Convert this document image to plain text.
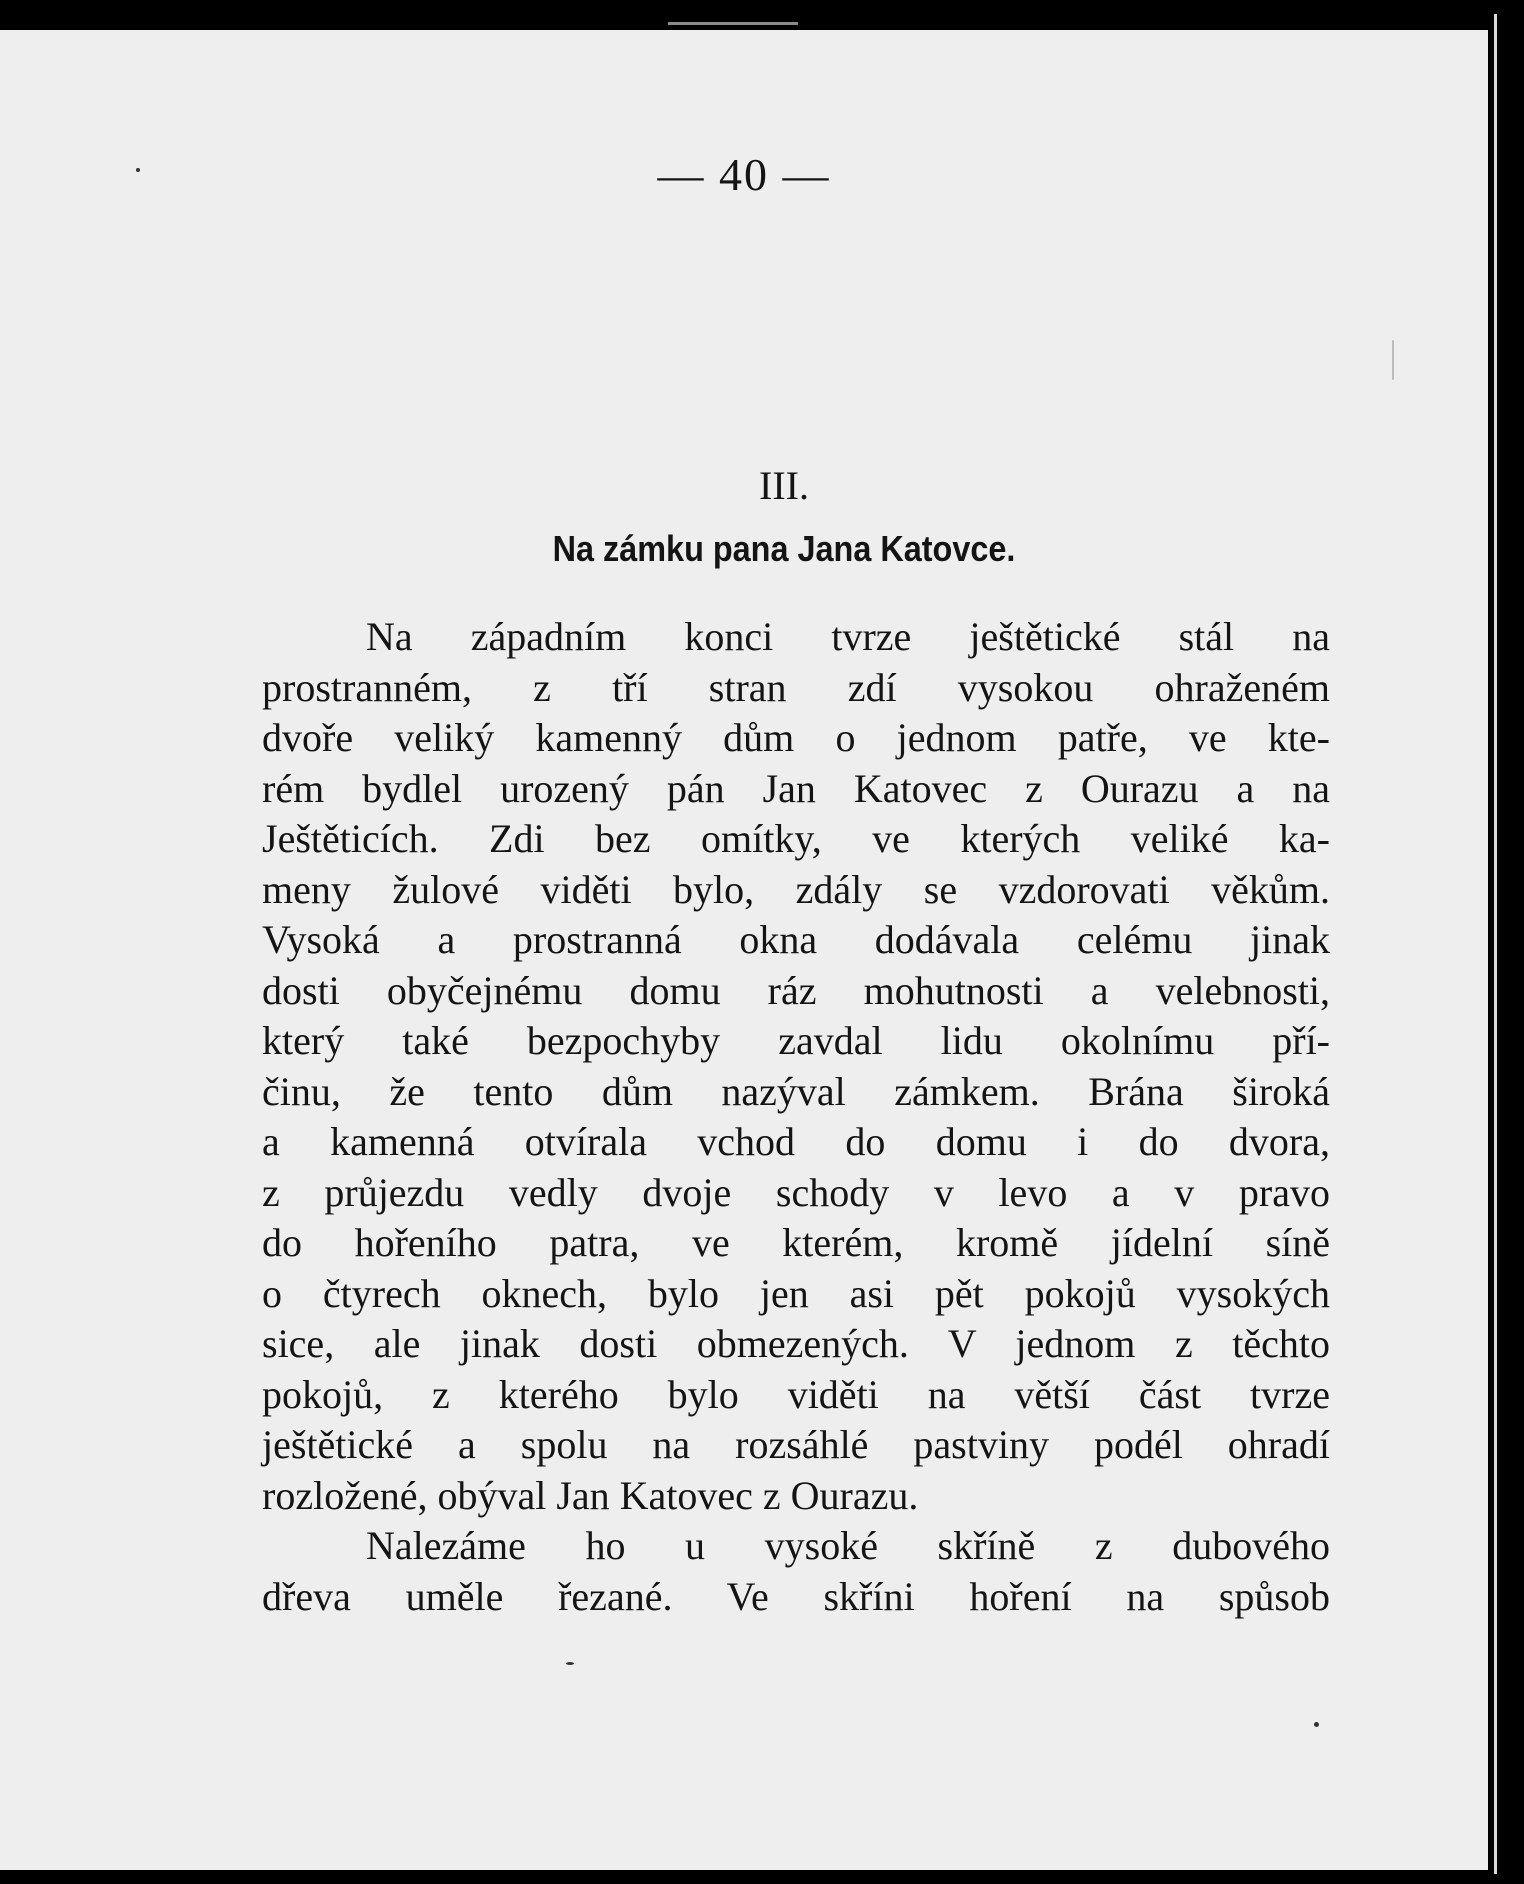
— 40 —
III.
Na zámku pana Jana Katovce.
Na západním konci tvrze ještětické stál na
prostranném, z tří stran zdí vysokou ohraženém
dvoře veliký kamenný dům o jednom patře, ve kte-
rém bydlel urozený pán Jan Katovec z Ourazu a na
Ještěticích. Zdi bez omítky, ve kterých veliké ka-
meny žulové viděti bylo, zdály se vzdorovati věkům.
Vysoká a prostranná okna dodávala celému jinak
dosti obyčejnému domu ráz mohutnosti a velebnosti,
který také bezpochyby zavdal lidu okolnímu pří-
činu, že tento dům nazýval zámkem. Brána široká
a kamenná otvírala vchod do domu i do dvora,
z průjezdu vedly dvoje schody v levo a v pravo
do hořeního patra, ve kterém, kromě jídelní síně
o čtyrech oknech, bylo jen asi pět pokojů vysokých
sice, ale jinak dosti obmezených. V jednom z těchto
pokojů, z kterého bylo viděti na větší část tvrze
ještětické a spolu na rozsáhlé pastviny podél ohradí
rozložené, obýval Jan Katovec z Ourazu.
Nalezáme ho u vysoké skříně z dubového
dřeva uměle řezané. Ve skříni hoření na spůsob
